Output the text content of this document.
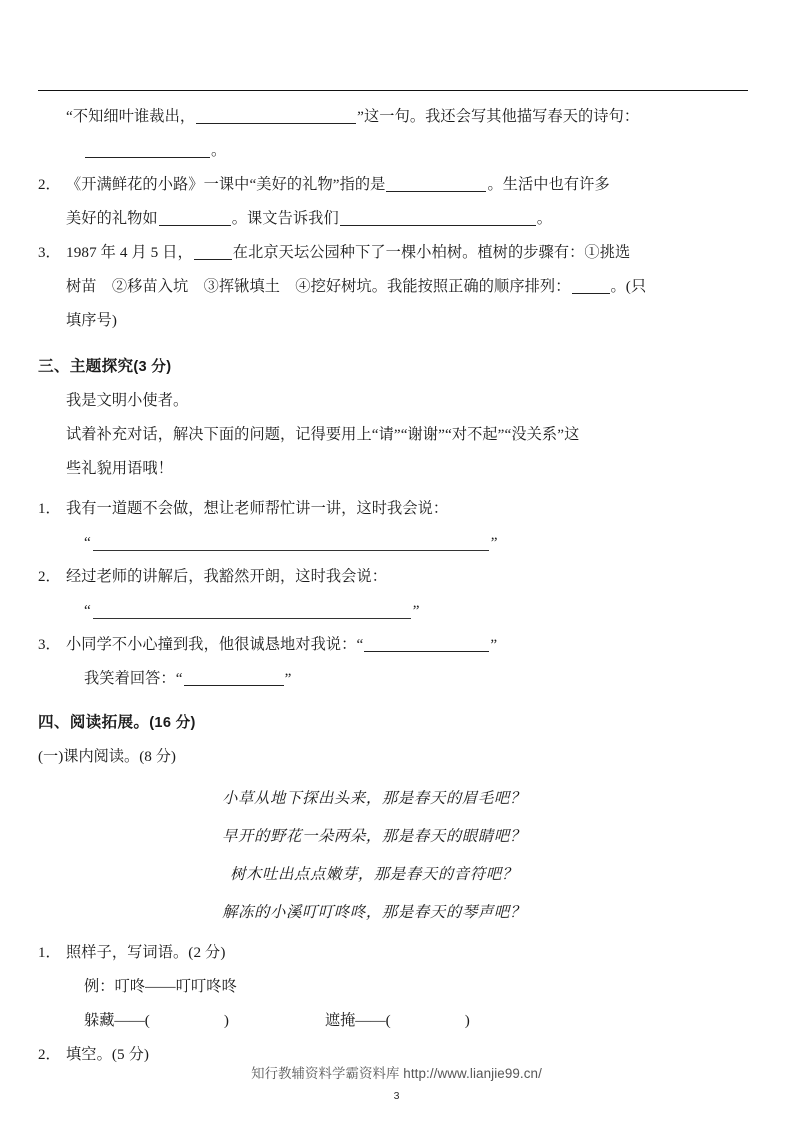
“不知细叶谁裁出，	”这一句。我还会写其他描写春天的诗句：
。
2． 《开满鲜花的小路》一课中“美好的礼物”指的是	。生活中也有许多
美好的礼物如	。课文告诉我们	。
3． 1987 年 4 月 5 日，	在北京天坛公园种下了一棵小柏树。植树的步骤有：①挑选
树苗　②移苗入坑　③挥锹填土　④挖好树坑。我能按照正确的顺序排列：	。(只
填序号)
三、主题探究(3 分)
我是文明小使者。
试着补充对话，解决下面的问题，记得要用上“请”“谢谢”“对不起”“没关系”这
些礼貌用语哦！
1． 我有一道题不会做，想让老师帮忙讲一讲，这时我会说：
“	”
2． 经过老师的讲解后，我豁然开朗，这时我会说：
“	”
3． 小同学不小心撞到我，他很诚恳地对我说：“	”
我笑着回答：“	”
四、阅读拓展。(16 分)
(一)课内阅读。(8 分)
小草从地下探出头来，那是春天的眉毛吧？
早开的野花一朵两朵，那是春天的眼睛吧？
树木吐出点点嫩芽，那是春天的音符吧？
解冻的小溪叮叮咚咚，那是春天的琴声吧？
1． 照样子，写词语。(2 分)
例：叮咚——叮叮咚咚
躲藏——(	)	遮掩——(	)
2． 填空。(5 分)
知行教辅资料学霸资料库 http://www.lianjie99.cn/
3
